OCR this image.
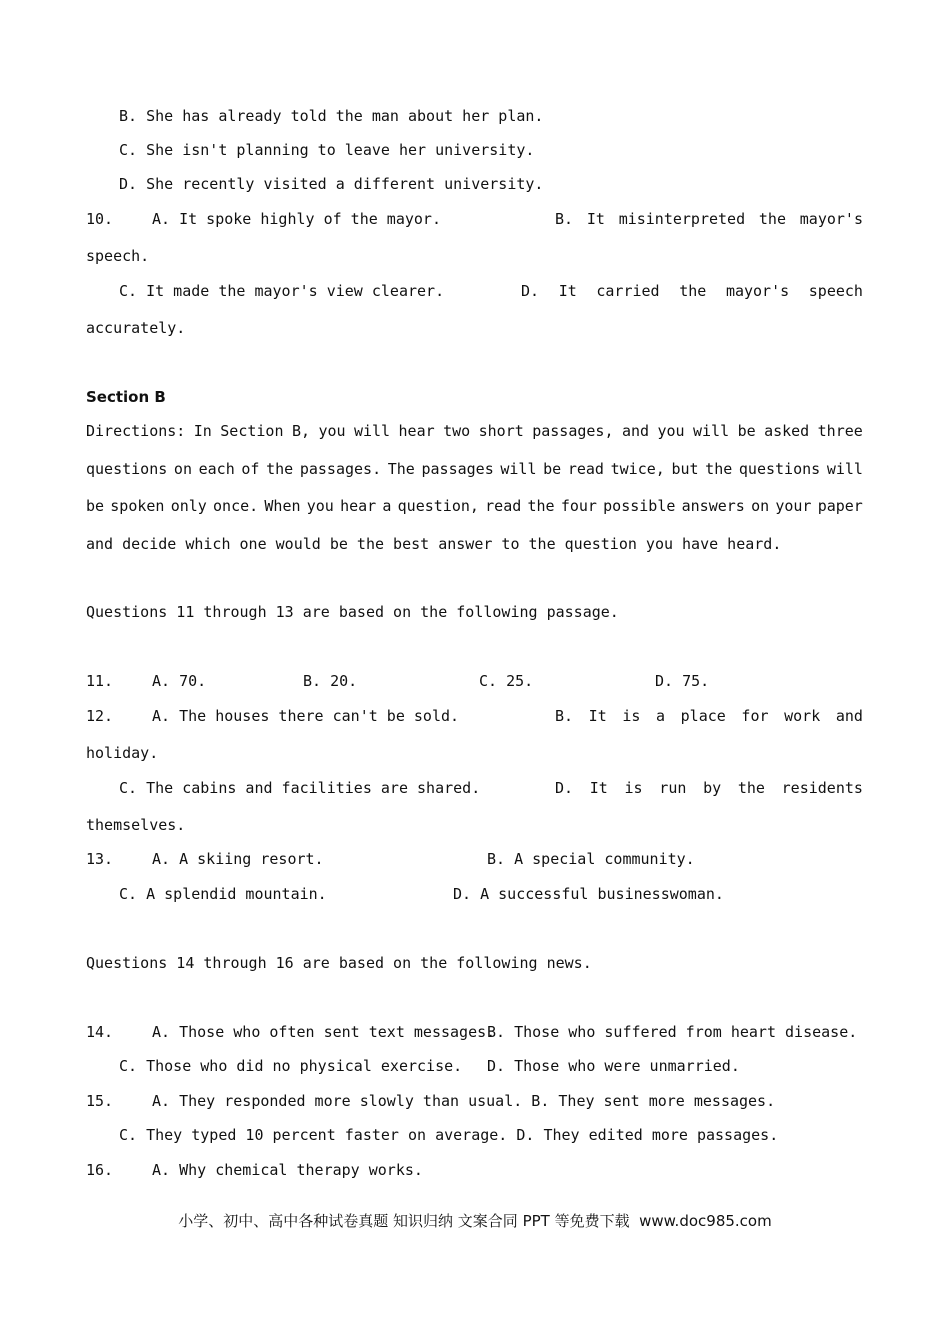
B. She has already told the man about her plan.
C. She isn't planning to leave her university.
D. She recently visited a different university.
10.	A. It spoke highly of the mayor.	B. It misinterpreted the mayor's
speech.
C. It made the mayor's view clearer.	D. It carried the mayor's speech
accurately.
Section B
Directions: In Section B, you will hear two short passages, and you will be asked three
questions on each of the passages. The passages will be read twice, but the questions will
be spoken only once. When you hear a question, read the four possible answers on your paper
and decide which one would be the best answer to the question you have heard.
Questions 11 through 13 are based on the following passage.
11.	A. 70.	B. 20.	C. 25.	D. 75.
12.	A. The houses there can't be sold.	B. It is a place for work and
holiday.
C. The cabins and facilities are shared.	D. It is run by the residents
themselves.
13.	A. A skiing resort.	B. A special community.
C. A splendid mountain.	D. A successful businesswoman.
Questions 14 through 16 are based on the following news.
14.	A. Those who often sent text messages.
B. Those who suffered from heart disease.
C. Those who did no physical exercise. D. Those who were unmarried.
15.	A. They responded more slowly than usual. B. They sent more messages.
C. They typed 10 percent faster on average. D. They edited more passages.
16.	A. Why chemical therapy works.
小学、初中、高中各种试卷真题 知识归纳 文案合同 PPT 等免费下载  www.doc985.com
